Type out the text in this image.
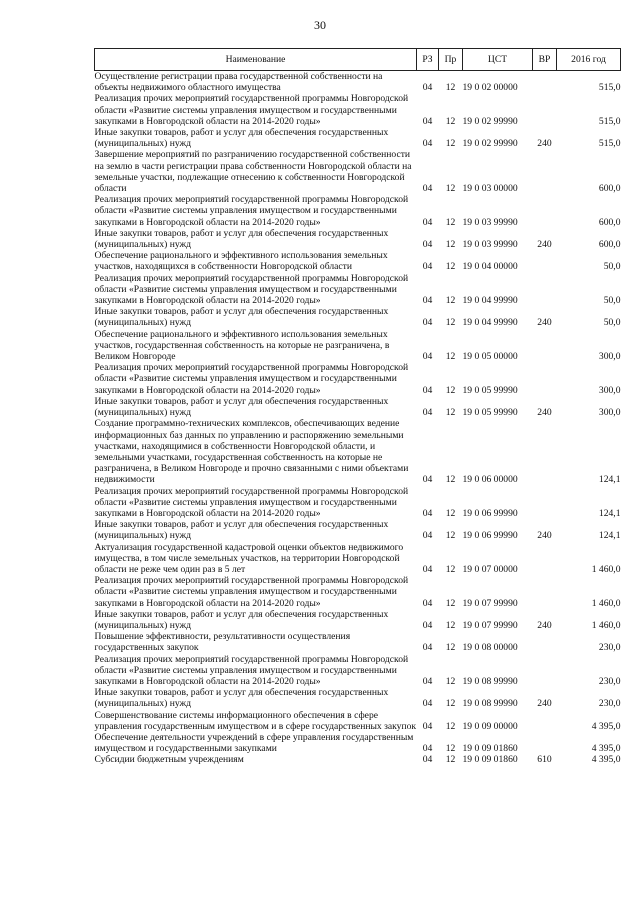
30
Наименование	РЗ	Пр	ЦСТ	ВР	2016 год
Осуществление регистрации права государственной собственности на объекты недвижимого областного имущества	04	12	19 0 02 00000		515,0
Реализация прочих мероприятий государственной программы Новгородской области «Развитие системы управления имуществом и государственными закупками в Новгородской области на 2014-2020 годы»	04	12	19 0 02 99990		515,0
Иные закупки товаров, работ и услуг для обеспечения государственных (муниципальных) нужд	04	12	19 0 02 99990	240	515,0
Завершение мероприятий по разграничению государственной собственности на землю в части регистрации права собственности Новгородской области на земельные участки, подлежащие отнесению к собственности Новгородской области	04	12	19 0 03 00000		600,0
Реализация прочих мероприятий государственной программы Новгородской области «Развитие системы управления имуществом и государственными закупками в Новгородской области на 2014-2020 годы»	04	12	19 0 03 99990		600,0
Иные закупки товаров, работ и услуг для обеспечения государственных (муниципальных) нужд	04	12	19 0 03 99990	240	600,0
Обеспечение рационального и эффективного использования земельных участков, находящихся в собственности Новгородской области	04	12	19 0 04 00000		50,0
Реализация прочих мероприятий государственной программы Новгородской области «Развитие системы управления имуществом и государственными закупками в Новгородской области на 2014-2020 годы»	04	12	19 0 04 99990		50,0
Иные закупки товаров, работ и услуг для обеспечения государственных (муниципальных) нужд	04	12	19 0 04 99990	240	50,0
Обеспечение рационального и эффективного использования земельных участков, государственная собственность на которые не разграничена, в Великом Новгороде	04	12	19 0 05 00000		300,0
Реализация прочих мероприятий государственной программы Новгородской области «Развитие системы управления имуществом и государственными закупками в Новгородской области на 2014-2020 годы»	04	12	19 0 05 99990		300,0
Иные закупки товаров, работ и услуг для обеспечения государственных (муниципальных) нужд	04	12	19 0 05 99990	240	300,0
Создание программно-технических комплексов, обеспечивающих ведение информационных баз данных по управлению и распоряжению земельными участками, находящимися в собственности Новгородской области, и земельными участками, государственная собственность на которые не разграничена, в Великом Новгороде и прочно связанными с ними объектами недвижимости	04	12	19 0 06 00000		124,1
Реализация прочих мероприятий государственной программы Новгородской области «Развитие системы управления имуществом и государственными закупками в Новгородской области на 2014-2020 годы»	04	12	19 0 06 99990		124,1
Иные закупки товаров, работ и услуг для обеспечения государственных (муниципальных) нужд	04	12	19 0 06 99990	240	124,1
Актуализация государственной кадастровой оценки объектов недвижимого имущества, в том числе земельных участков, на территории Новгородской области не реже чем один раз в 5 лет	04	12	19 0 07 00000		1 460,0
Реализация прочих мероприятий государственной программы Новгородской области «Развитие системы управления имуществом и государственными закупками в Новгородской области на 2014-2020 годы»	04	12	19 0 07 99990		1 460,0
Иные закупки товаров, работ и услуг для обеспечения государственных (муниципальных) нужд	04	12	19 0 07 99990	240	1 460,0
Повышение эффективности, результативности осуществления государственных закупок	04	12	19 0 08 00000		230,0
Реализация прочих мероприятий государственной программы Новгородской области «Развитие системы управления имуществом и государственными закупками в Новгородской области на 2014-2020 годы»	04	12	19 0 08 99990		230,0
Иные закупки товаров, работ и услуг для обеспечения государственных (муниципальных) нужд	04	12	19 0 08 99990	240	230,0
Совершенствование системы информационного обеспечения в сфере управления государственным имуществом и в сфере государственных закупок	04	12	19 0 09 00000		4 395,0
Обеспечение деятельности учреждений в сфере управления государственным имуществом и государственными закупками	04	12	19 0 09 01860		4 395,0
Субсидии бюджетным учреждениям	04	12	19 0 09 01860	610	4 395,0
